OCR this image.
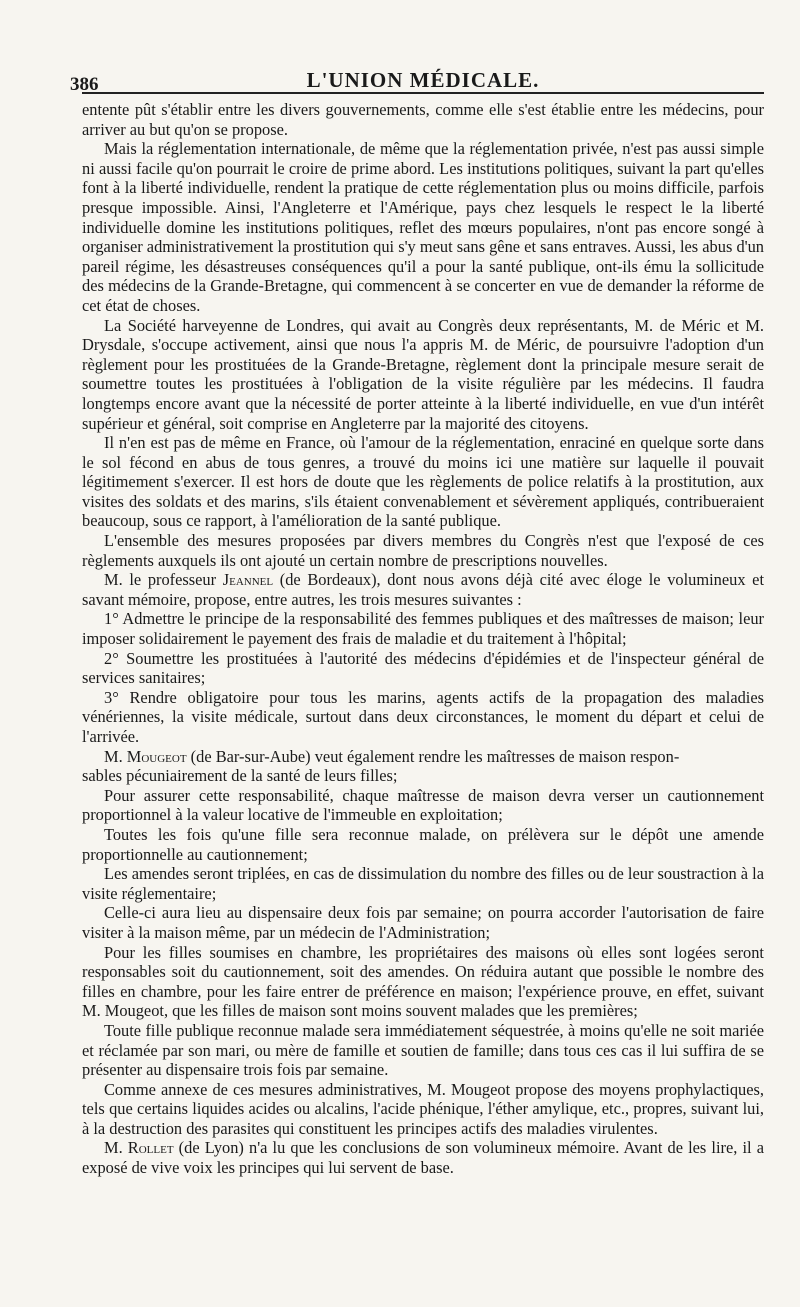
386	L'UNION MÉDICALE.

entente pût s'établir entre les divers gouvernements, comme elle s'est établie entre les médecins, pour arriver au but qu'on se propose.

Mais la réglementation internationale, de même que la réglementation privée, n'est pas aussi simple ni aussi facile qu'on pourrait le croire de prime abord. Les institutions politiques, suivant la part qu'elles font à la liberté individuelle, rendent la pratique de cette réglementation plus ou moins difficile, parfois presque impossible. Ainsi, l'Angleterre et l'Amérique, pays chez lesquels le respect le la liberté individuelle domine les institutions politiques, reflet des mœurs populaires, n'ont pas encore songé à organiser administrativement la prostitution qui s'y meut sans gêne et sans entraves. Aussi, les abus d'un pareil régime, les désastreuses conséquences qu'il a pour la santé publique, ont-ils ému la sollicitude des médecins de la Grande-Bretagne, qui commencent à se concerter en vue de demander la réforme de cet état de choses.

La Société harveyenne de Londres, qui avait au Congrès deux représentants, M. de Méric et M. Drysdale, s'occupe activement, ainsi que nous l'a appris M. de Méric, de poursuivre l'adoption d'un règlement pour les prostituées de la Grande-Bretagne, règlement dont la principale mesure serait de soumettre toutes les prostituées à l'obligation de la visite régulière par les médecins. Il faudra longtemps encore avant que la nécessité de porter atteinte à la liberté individuelle, en vue d'un intérêt supérieur et général, soit comprise en Angleterre par la majorité des citoyens.

Il n'en est pas de même en France, où l'amour de la réglementation, enraciné en quelque sorte dans le sol fécond en abus de tous genres, a trouvé du moins ici une matière sur laquelle il pouvait légitimement s'exercer. Il est hors de doute que les règlements de police relatifs à la prostitution, aux visites des soldats et des marins, s'ils étaient convenablement et sévèrement appliqués, contribueraient beaucoup, sous ce rapport, à l'amélioration de la santé publique.

L'ensemble des mesures proposées par divers membres du Congrès n'est que l'exposé de ces règlements auxquels ils ont ajouté un certain nombre de prescriptions nouvelles.

M. le professeur Jeannel (de Bordeaux), dont nous avons déjà cité avec éloge le volumineux et savant mémoire, propose, entre autres, les trois mesures suivantes :

1° Admettre le principe de la responsabilité des femmes publiques et des maîtresses de maison; leur imposer solidairement le payement des frais de maladie et du traitement à l'hôpital;

2° Soumettre les prostituées à l'autorité des médecins d'épidémies et de l'inspecteur général de services sanitaires;

3° Rendre obligatoire pour tous les marins, agents actifs de la propagation des maladies vénériennes, la visite médicale, surtout dans deux circonstances, le moment du départ et celui de l'arrivée.

M. Mougeot (de Bar-sur-Aube) veut également rendre les maîtresses de maison respon-

sables pécuniairement de la santé de leurs filles;

Pour assurer cette responsabilité, chaque maîtresse de maison devra verser un cautionnement proportionnel à la valeur locative de l'immeuble en exploitation;

Toutes les fois qu'une fille sera reconnue malade, on prélèvera sur le dépôt une amende proportionnelle au cautionnement;

Les amendes seront triplées, en cas de dissimulation du nombre des filles ou de leur soustraction à la visite réglementaire;

Celle-ci aura lieu au dispensaire deux fois par semaine; on pourra accorder l'autorisation de faire visiter à la maison même, par un médecin de l'Administration;

Pour les filles soumises en chambre, les propriétaires des maisons où elles sont logées seront responsables soit du cautionnement, soit des amendes. On réduira autant que possible le nombre des filles en chambre, pour les faire entrer de préférence en maison; l'expérience prouve, en effet, suivant M. Mougeot, que les filles de maison sont moins souvent malades que les premières;

Toute fille publique reconnue malade sera immédiatement séquestrée, à moins qu'elle ne soit mariée et réclamée par son mari, ou mère de famille et soutien de famille; dans tous ces cas il lui suffira de se présenter au dispensaire trois fois par semaine.

Comme annexe de ces mesures administratives, M. Mougeot propose des moyens prophylactiques, tels que certains liquides acides ou alcalins, l'acide phénique, l'éther amylique, etc., propres, suivant lui, à la destruction des parasites qui constituent les principes actifs des maladies virulentes.

M. Rollet (de Lyon) n'a lu que les conclusions de son volumineux mémoire. Avant de les lire, il a exposé de vive voix les principes qui lui servent de base.
